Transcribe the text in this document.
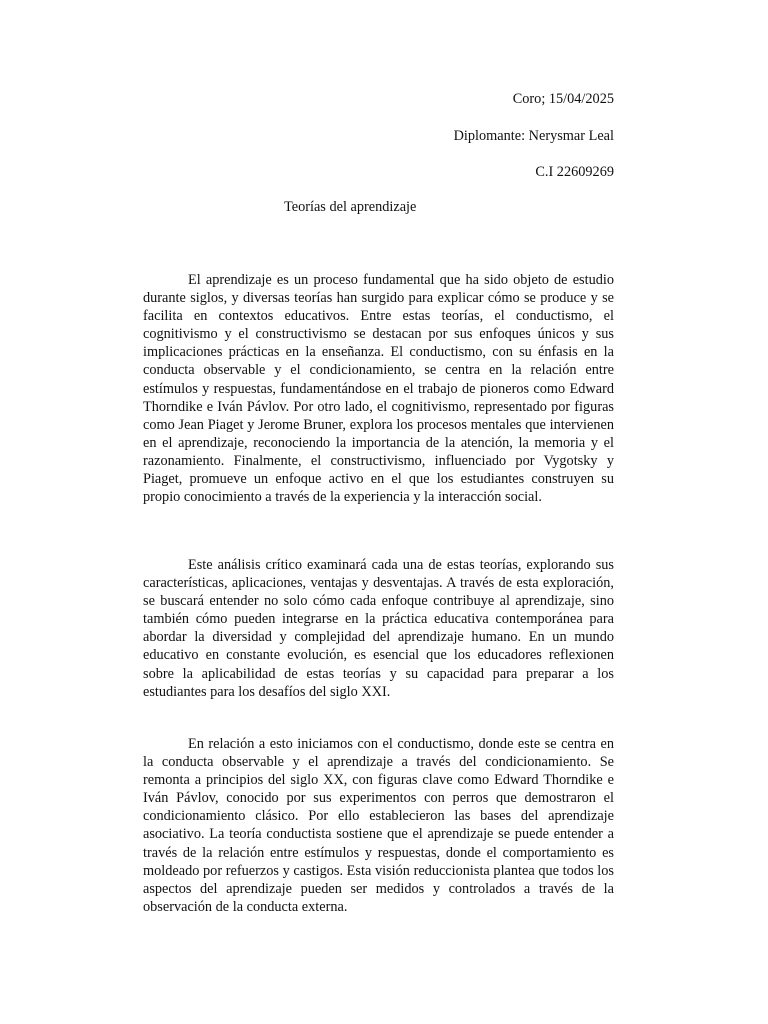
Coro; 15/04/2025
Diplomante: Nerysmar Leal
C.I 22609269
Teorías del aprendizaje

El aprendizaje es un proceso fundamental que ha sido objeto de estudio durante siglos, y diversas teorías han surgido para explicar cómo se produce y se facilita en contextos educativos. Entre estas teorías, el conductismo, el cognitivismo y el constructivismo se destacan por sus enfoques únicos y sus implicaciones prácticas en la enseñanza. El conductismo, con su énfasis en la conducta observable y el condicionamiento, se centra en la relación entre estímulos y respuestas, fundamentándose en el trabajo de pioneros como Edward Thorndike e Iván Pávlov. Por otro lado, el cognitivismo, representado por figuras como Jean Piaget y Jerome Bruner, explora los procesos mentales que intervienen en el aprendizaje, reconociendo la importancia de la atención, la memoria y el razonamiento. Finalmente, el constructivismo, influenciado por Vygotsky y Piaget, promueve un enfoque activo en el que los estudiantes construyen su propio conocimiento a través de la experiencia y la interacción social.

Este análisis crítico examinará cada una de estas teorías, explorando sus características, aplicaciones, ventajas y desventajas. A través de esta exploración, se buscará entender no solo cómo cada enfoque contribuye al aprendizaje, sino también cómo pueden integrarse en la práctica educativa contemporánea para abordar la diversidad y complejidad del aprendizaje humano. En un mundo educativo en constante evolución, es esencial que los educadores reflexionen sobre la aplicabilidad de estas teorías y su capacidad para preparar a los estudiantes para los desafíos del siglo XXI.

En relación a esto iniciamos con el conductismo, donde este se centra en la conducta observable y el aprendizaje a través del condicionamiento. Se remonta a principios del siglo XX, con figuras clave como Edward Thorndike e Iván Pávlov, conocido por sus experimentos con perros que demostraron el condicionamiento clásico. Por ello establecieron las bases del aprendizaje asociativo. La teoría conductista sostiene que el aprendizaje se puede entender a través de la relación entre estímulos y respuestas, donde el comportamiento es moldeado por refuerzos y castigos. Esta visión reduccionista plantea que todos los aspectos del aprendizaje pueden ser medidos y controlados a través de la observación de la conducta externa.
